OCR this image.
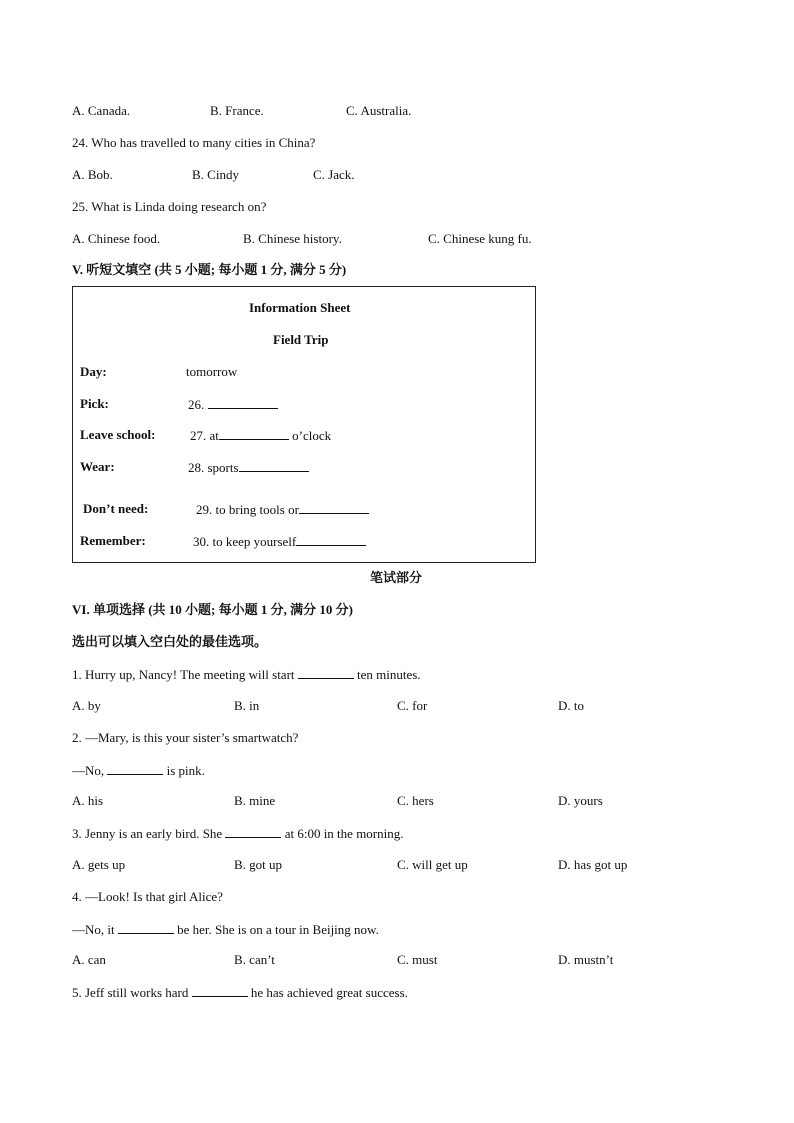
A. Canada.	B. France.	C. Australia.
24. Who has travelled to many cities in China?
A. Bob.	B. Cindy	C. Jack.
25. What is Linda doing research on?
A. Chinese food.	B. Chinese history.	C. Chinese kung fu.
V. 听短文填空 (共 5 小题; 每小题 1 分, 满分 5 分)
Information Sheet
Field Trip
Day:	tomorrow
Pick:	26.
Leave school:	27. at	o’clock
Wear:	28. sports
Don’t need:	29. to bring tools or
Remember:	30. to keep yourself
笔试部分
VI. 单项选择 (共 10 小题; 每小题 1 分, 满分 10 分)
选出可以填入空白处的最佳选项。
1. Hurry up, Nancy! The meeting will start	ten minutes.
A. by	B. in	C. for	D. to
2. —Mary, is this your sister’s smartwatch?
—No,	is pink.
A. his	B. mine	C. hers	D. yours
3. Jenny is an early bird. She	at 6:00 in the morning.
A. gets up	B. got up	C. will get up	D. has got up
4. —Look! Is that girl Alice?
—No, it	be her. She is on a tour in Beijing now.
A. can	B. can’t	C. must	D. mustn’t
5. Jeff still works hard	he has achieved great success.
